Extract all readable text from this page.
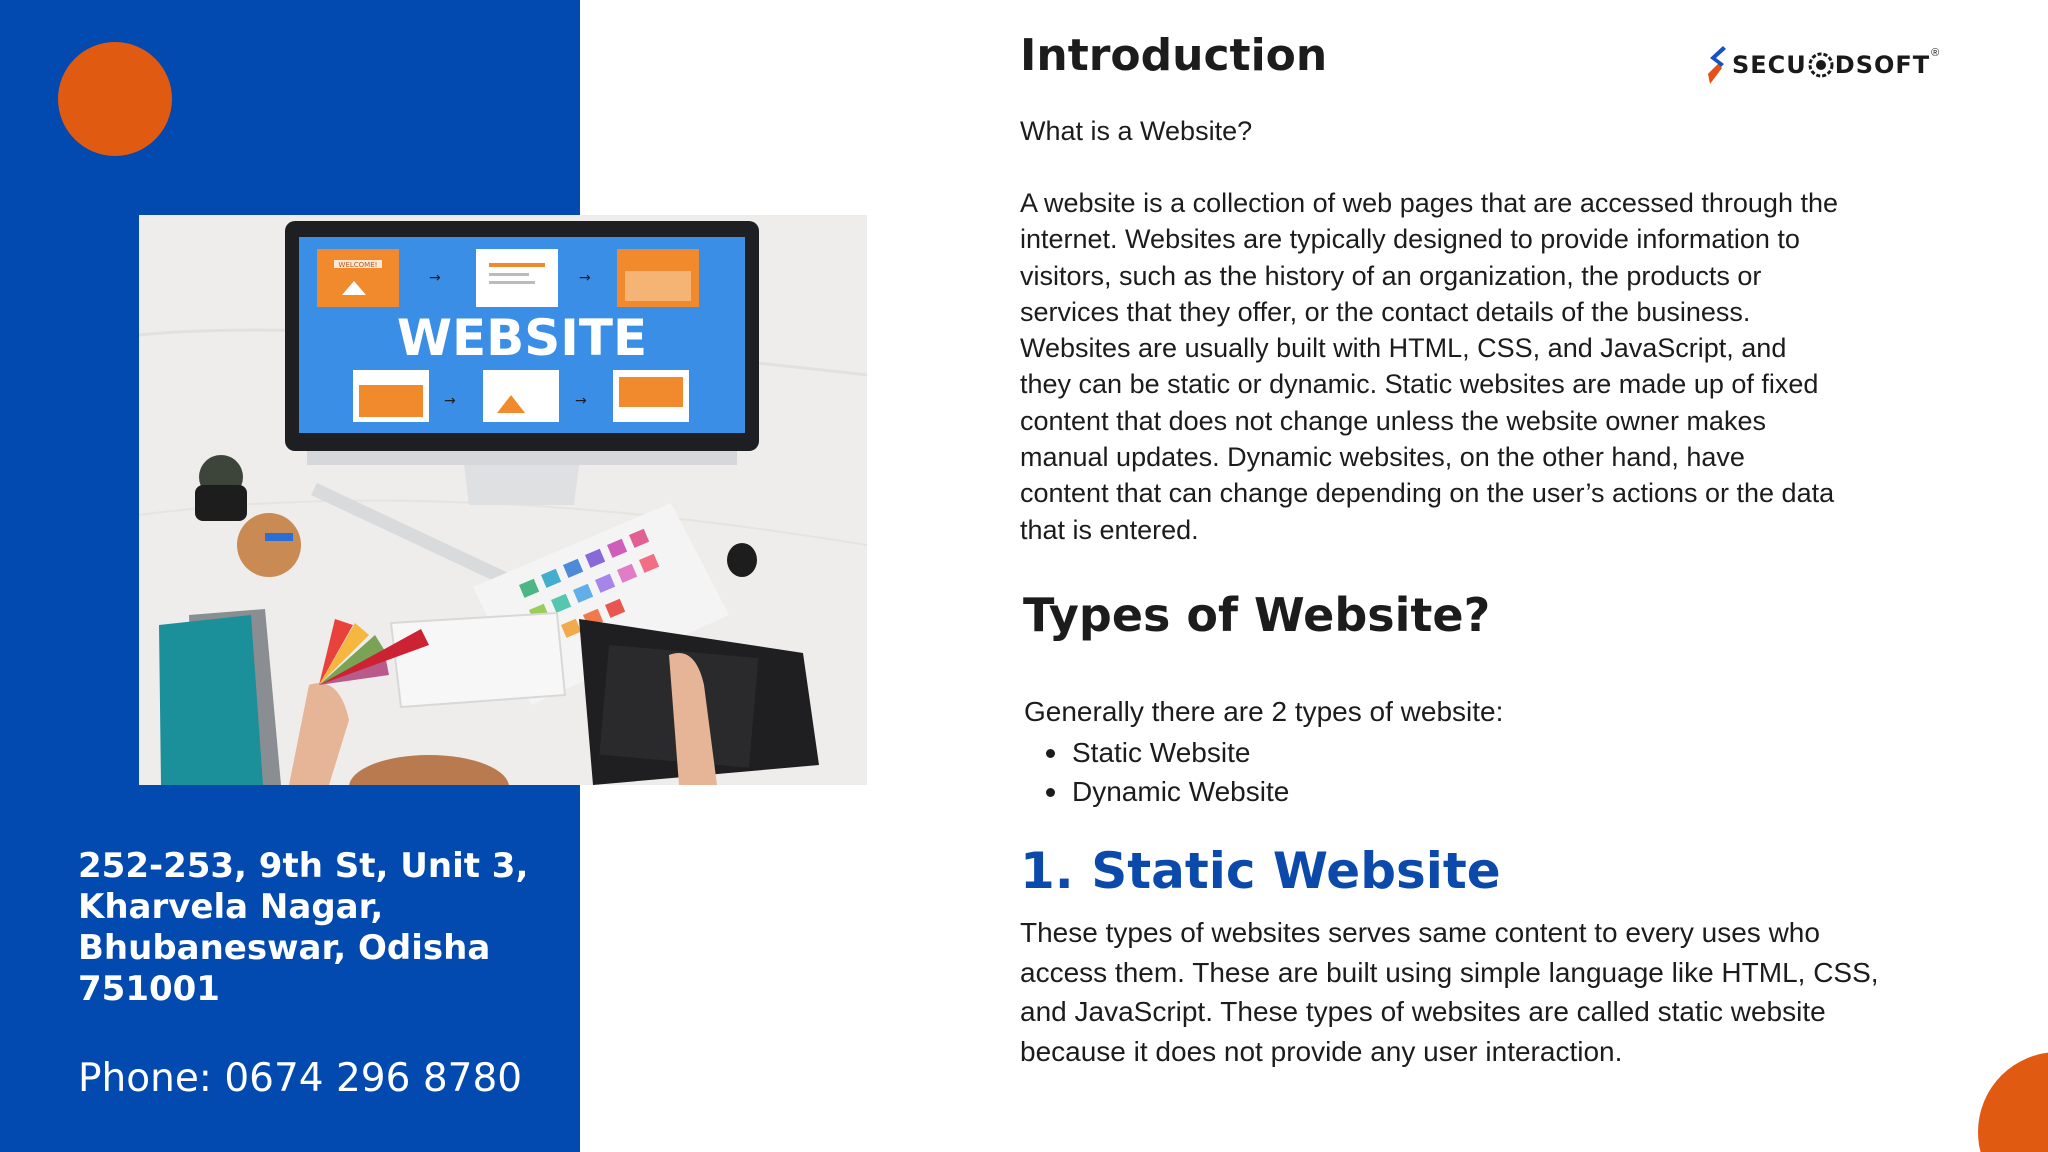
WELCOME!
→	→
WEBSITE
→	→
252-253, 9th St, Unit 3, Kharvela Nagar, Bhubaneswar, Odisha 751001
Phone: 0674 296 8780
SECU DSOFT ®
Introduction

What is a Website?

A website is a collection of web pages that are accessed through the internet. Websites are typically designed to provide information to visitors, such as the history of an organization, the products or services that they offer, or the contact details of the business. Websites are usually built with HTML, CSS, and JavaScript, and they can be static or dynamic. Static websites are made up of fixed content that does not change unless the website owner makes manual updates. Dynamic websites, on the other hand, have content that can change depending on the user’s actions or the data that is entered.

Types of Website?

Generally there are 2 types of website:

Static Website
Dynamic Website
1. Static Website

These types of websites serves same content to every uses who access them. These are built using simple language like HTML, CSS, and JavaScript. These types of websites are called static website because it does not provide any user interaction.
